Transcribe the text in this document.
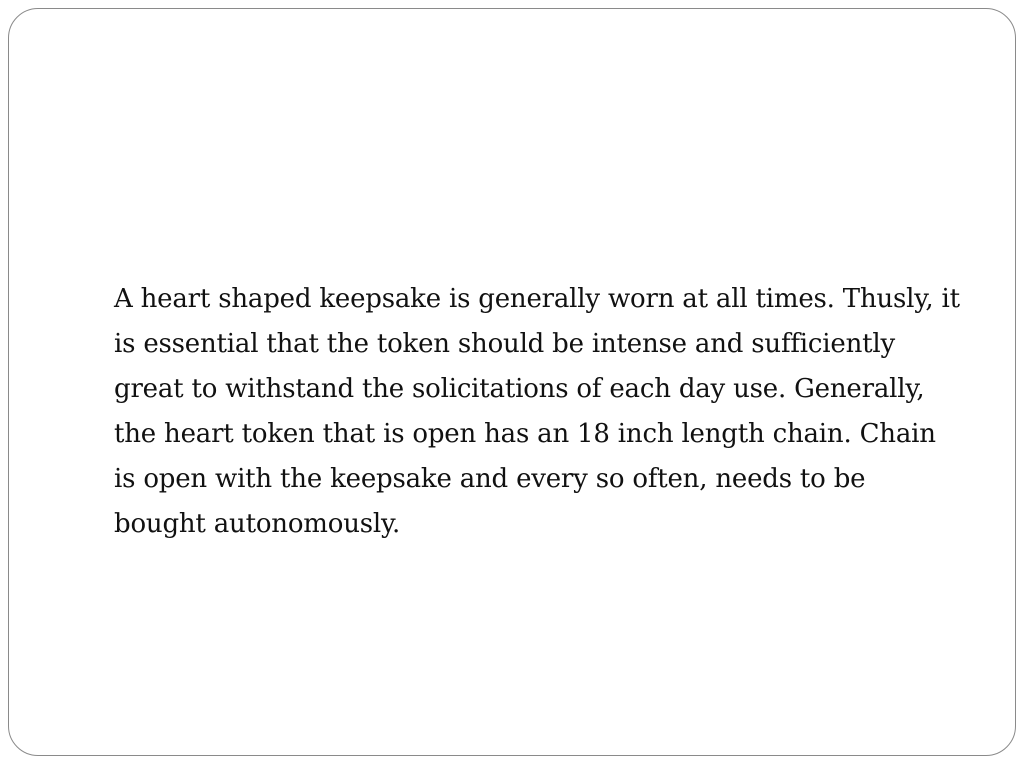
A heart shaped keepsake is generally worn at all times. Thusly, it
is essential that the token should be intense and sufficiently
great to withstand the solicitations of each day use. Generally,
the heart token that is open has an 18 inch length chain. Chain
is open with the keepsake and every so often, needs to be
bought autonomously.
